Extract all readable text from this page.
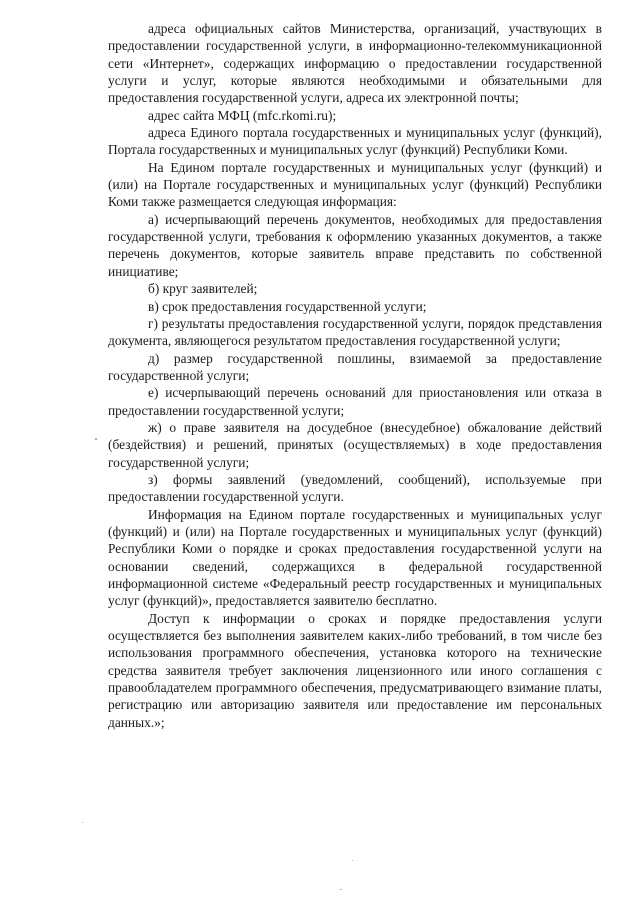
адреса официальных сайтов Министерства, организаций, участвующих в предоставлении государственной услуги, в информационно-телекоммуникационной сети «Интернет», содержащих информацию о предоставлении государственной услуги и услуг, которые являются необходимыми и обязательными для предоставления государственной услуги, адреса их электронной почты;

адрес сайта МФЦ (mfc.rkomi.ru);

адреса Единого портала государственных и муниципальных услуг (функций), Портала государственных и муниципальных услуг (функций) Республики Коми.

На Едином портале государственных и муниципальных услуг (функций) и (или) на Портале государственных и муниципальных услуг (функций) Республики Коми также размещается следующая информация:

а) исчерпывающий перечень документов, необходимых для предоставления государственной услуги, требования к оформлению указанных документов, а также перечень документов, которые заявитель вправе представить по собственной инициативе;

б) круг заявителей;

в) срок предоставления государственной услуги;

г) результаты предоставления государственной услуги, порядок представления документа, являющегося результатом предоставления государственной услуги;

д) размер государственной пошлины, взимаемой за предоставление государственной услуги;

е) исчерпывающий перечень оснований для приостановления или отказа в предоставлении государственной услуги;

ж) о праве заявителя на досудебное (внесудебное) обжалование действий (бездействия) и решений, принятых (осуществляемых) в ходе предоставления государственной услуги;

з) формы заявлений (уведомлений, сообщений), используемые при предоставлении государственной услуги.

Информация на Едином портале государственных и муниципальных услуг (функций) и (или) на Портале государственных и муниципальных услуг (функций) Республики Коми о порядке и сроках предоставления государственной услуги на основании сведений, содержащихся в федеральной государственной информационной системе «Федеральный реестр государственных и муниципальных услуг (функций)», предоставляется заявителю бесплатно.

Доступ к информации о сроках и порядке предоставления услуги осуществляется без выполнения заявителем каких-либо требований, в том числе без использования программного обеспечения, установка которого на технические средства заявителя требует заключения лицензионного или иного соглашения с правообладателем программного обеспечения, предусматривающего взимание платы, регистрацию или авторизацию заявителя или предоставление им персональных данных.»;
